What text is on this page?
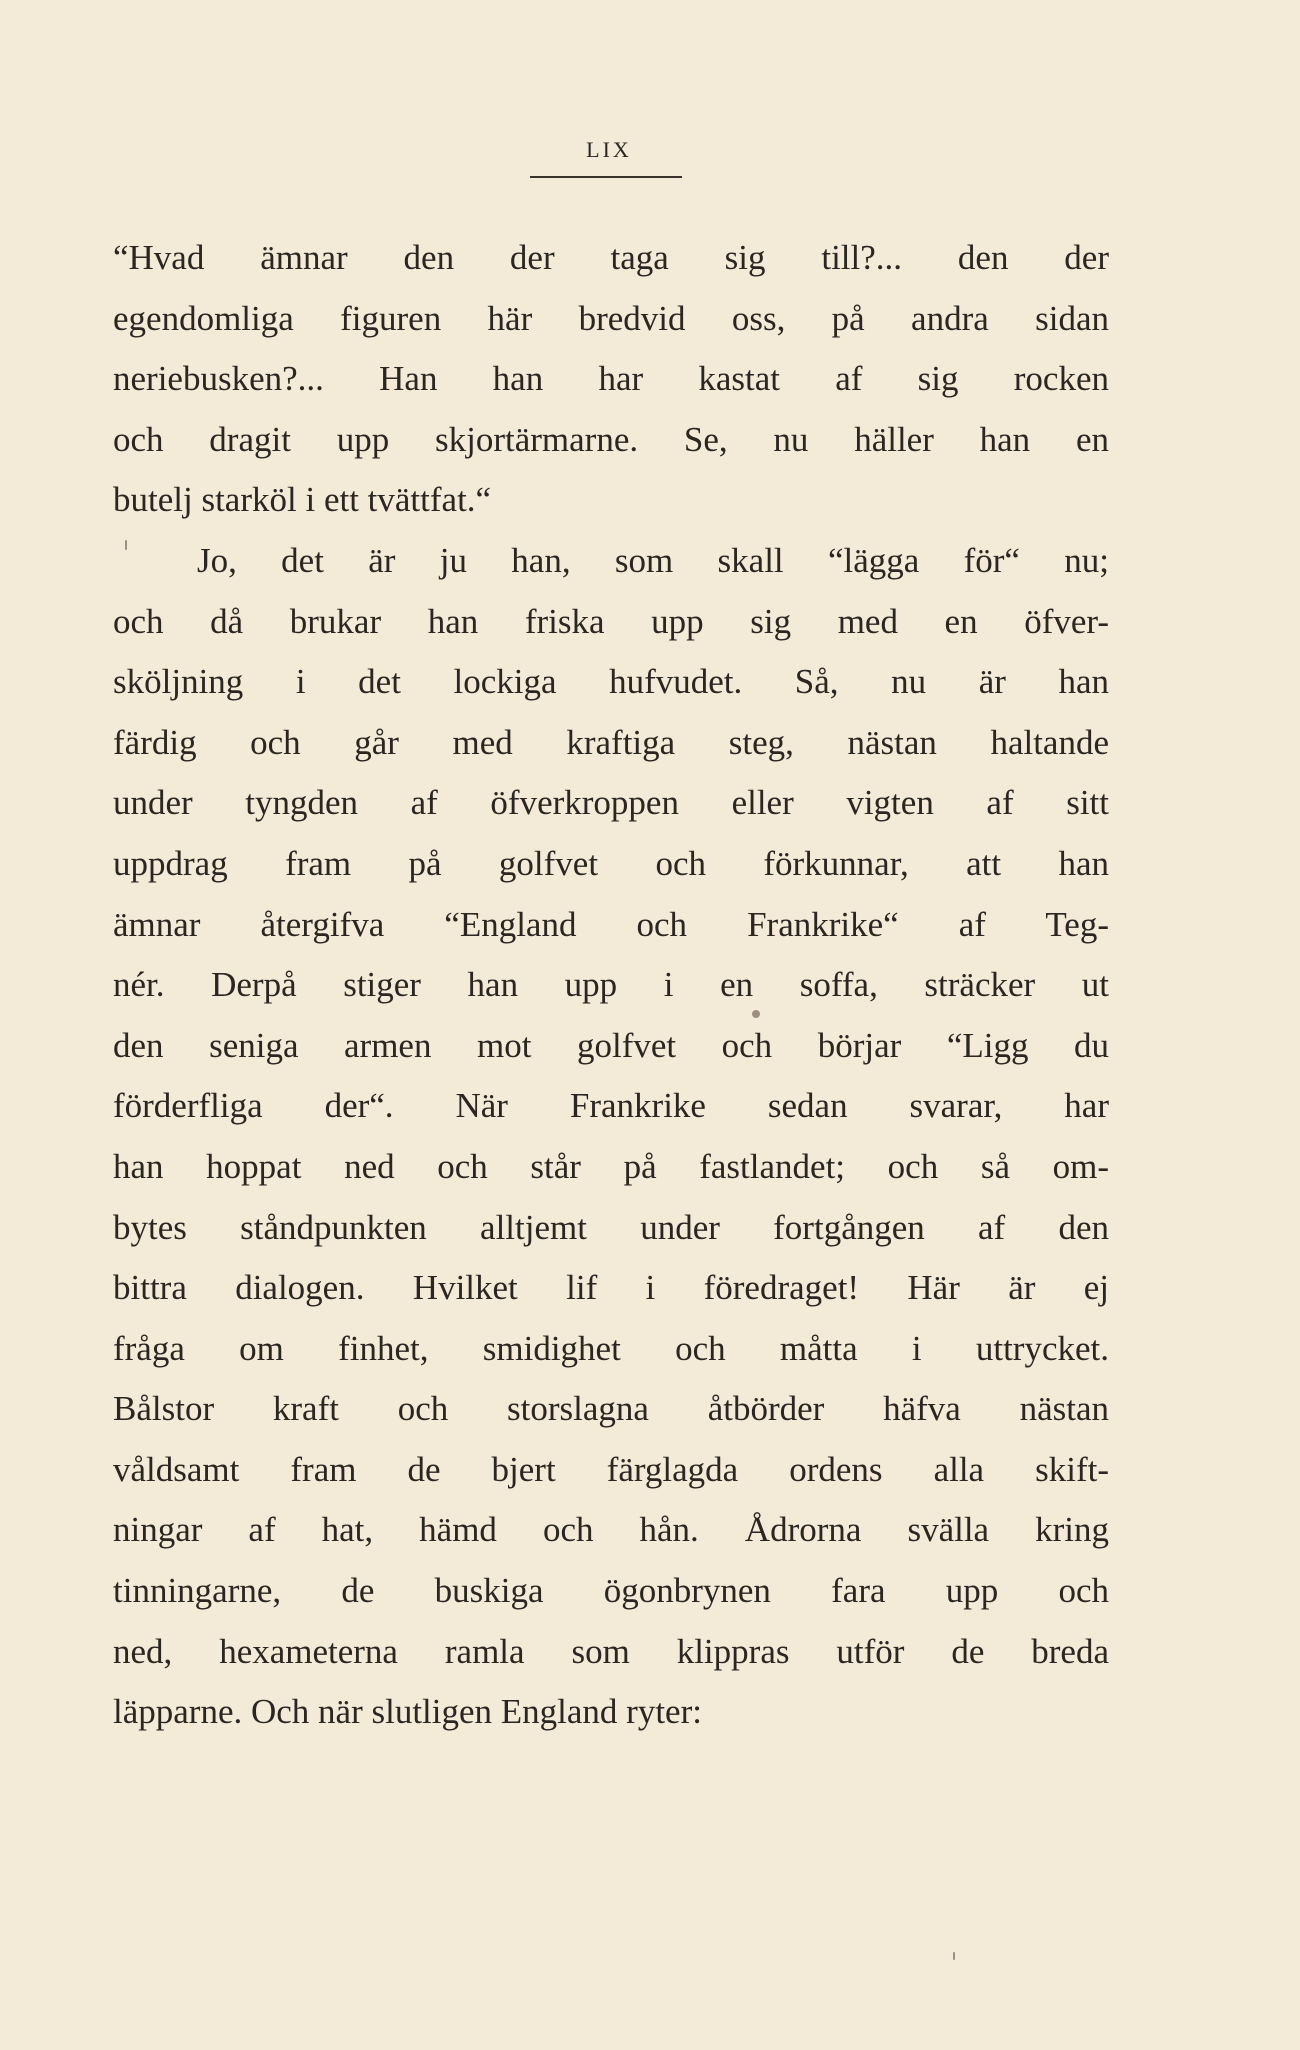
LIX
“Hvad ämnar den der taga sig till?... den der
egendomliga figuren här bredvid oss, på andra sidan
neriebusken?... Han han har kastat af sig rocken
och dragit upp skjortärmarne. Se, nu häller han en
butelj starköl i ett tvättfat.“
Jo, det är ju han, som skall “lägga för“ nu;
och då brukar han friska upp sig med en öfver-
sköljning i det lockiga hufvudet. Så, nu är han
färdig och går med kraftiga steg, nästan haltande
under tyngden af öfverkroppen eller vigten af sitt
uppdrag fram på golfvet och förkunnar, att han
ämnar återgifva “England och Frankrike“ af Teg-
nér. Derpå stiger han upp i en soffa, sträcker ut
den seniga armen mot golfvet och börjar “Ligg du
förderfliga der“. När Frankrike sedan svarar, har
han hoppat ned och står på fastlandet; och så om-
bytes ståndpunkten alltjemt under fortgången af den
bittra dialogen. Hvilket lif i föredraget! Här är ej
fråga om finhet, smidighet och måtta i uttrycket.
Bålstor kraft och storslagna åtbörder häfva nästan
våldsamt fram de bjert färglagda ordens alla skift-
ningar af hat, hämd och hån. Ådrorna svälla kring
tinningarne, de buskiga ögonbrynen fara upp och
ned, hexameterna ramla som klippras utför de breda
läpparne. Och när slutligen England ryter:
